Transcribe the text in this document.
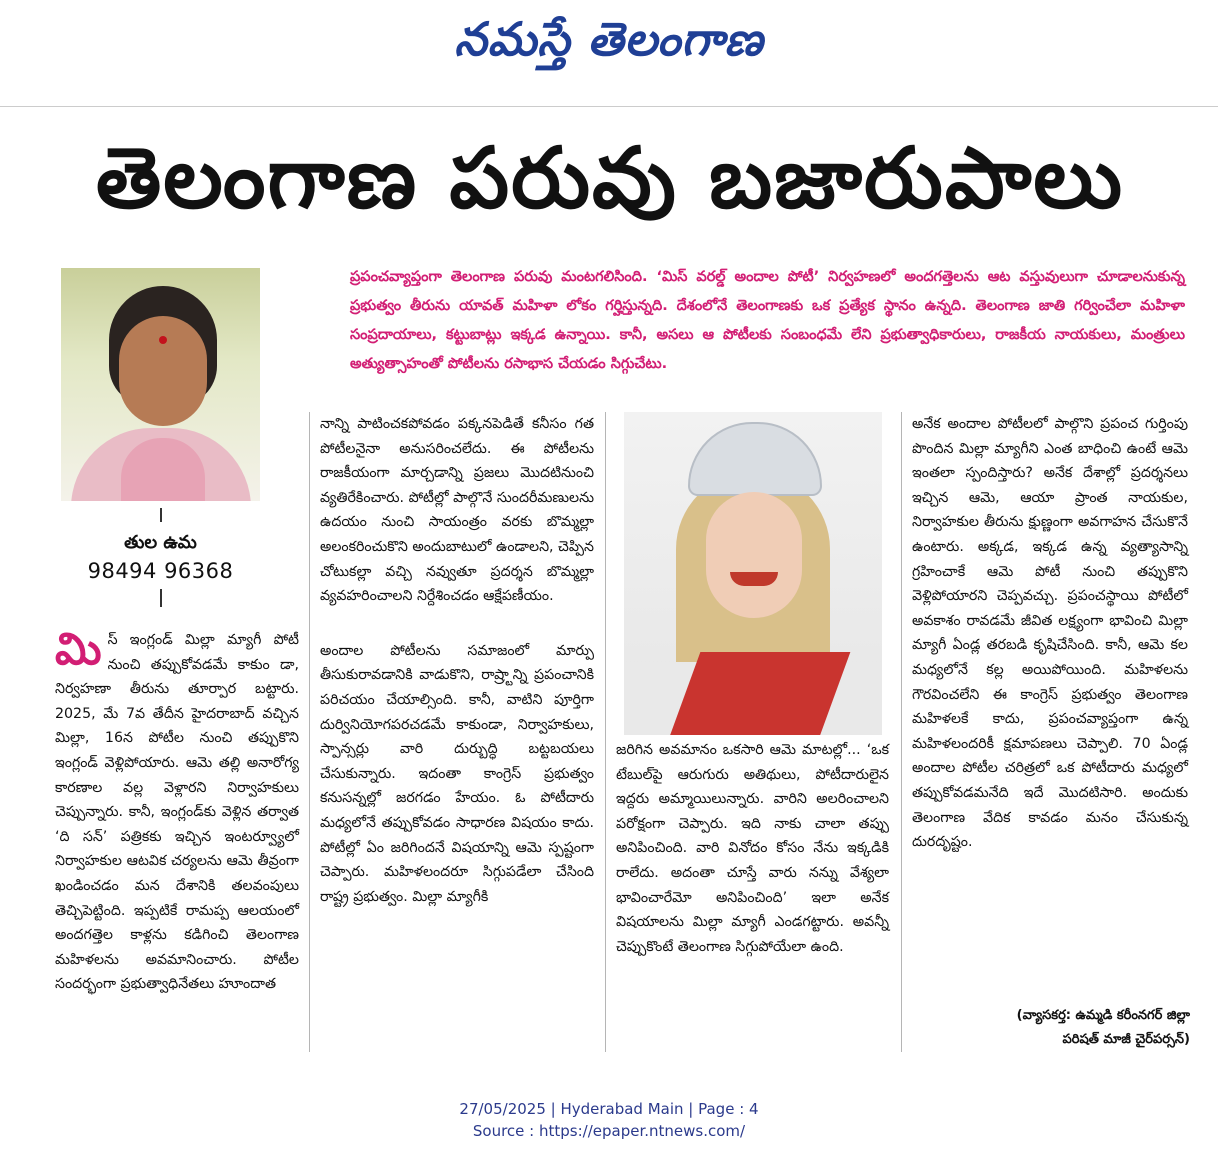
నమస్తే తెలంగాణ
తెలంగాణ పరువు బజారుపాలు
తుల ఉమ
98494 96368
ప్రపంచవ్యాప్తంగా తెలంగాణ పరువు మంటగలిసింది. ‘మిస్ వరల్డ్ అందాల పోటీ’ నిర్వహణలో అందగత్తెలను ఆట వస్తువులుగా చూడాలనుకున్న ప్రభుత్వం తీరును యావత్ మహిళా లోకం గర్హిస్తున్నది. దేశంలోనే తెలంగాణకు ఒక ప్రత్యేక స్థానం ఉన్నది. తెలంగాణ జాతి గర్వించేలా మహిళా సంప్రదాయాలు, కట్టుబాట్లు ఇక్కడ ఉన్నాయి. కానీ, అసలు ఆ పోటీలకు సంబంధమే లేని ప్రభుత్వాధికారులు, రాజకీయ నాయకులు, మంత్రులు అత్యుత్సాహంతో పోటీలను రసాభాస చేయడం సిగ్గుచేటు.
మి స్ ఇంగ్లండ్ మిల్లా మ్యాగీ పోటీ నుంచి తప్పుకోవడమే కాకుం డా, నిర్వహణా తీరును తూర్పార బట్టారు. 2025, మే 7వ తేదీన హైదరాబాద్ వచ్చిన మిల్లా, 16న పోటీల నుంచి తప్పుకొని ఇంగ్లండ్ వెళ్లిపోయారు. ఆమె తల్లి అనారోగ్య కారణాల వల్ల వెళ్లారని నిర్వాహకులు చెప్పున్నారు. కానీ, ఇంగ్లండ్‌కు వెళ్లిన తర్వాత ‘ది సన్’ పత్రికకు ఇచ్చిన ఇంటర్వ్యూలో నిర్వాహకుల ఆటవిక చర్యలను ఆమె తీవ్రంగా ఖండించడం మన దేశానికి తలవంపులు తెచ్చిపెట్టింది. ఇప్పటికే రామప్ప ఆలయంలో అందగత్తెల కాళ్లను కడిగించి తెలంగాణ మహిళలను అవమానించారు. పోటీల సందర్భంగా ప్రభుత్వాధినేతలు హూందాత

నాన్ని పాటించకపోవడం పక్కనపెడితే కనీసం గత పోటీలనైనా అనుసరించలేదు. ఈ పోటీలను రాజకీయంగా మార్చడాన్ని ప్రజలు మొదటినుంచి వ్యతిరేకించారు. పోటీల్లో పాల్గొనే సుందరీమణులను ఉదయం నుంచి సాయంత్రం వరకు బొమ్మల్లా అలంకరించుకొని అందుబాటులో ఉండాలని, చెప్పిన చోటుకల్లా వచ్చి నవ్వుతూ ప్రదర్శన బొమ్మల్లా వ్యవహరించాలని నిర్దేశించడం ఆక్షేపణీయం.

అందాల పోటీలను సమాజంలో మార్పు తీసుకురావడానికి వాడుకొని, రాష్ర్టాన్ని ప్రపంచానికి పరిచయం చేయాల్సింది. కానీ, వాటిని పూర్తిగా దుర్వినియోగపరచడమే కాకుండా, నిర్వాహకులు, స్పాన్సర్లు వారి దుర్బుద్ధి బట్టబయలు చేసుకున్నారు. ఇదంతా కాంగ్రెస్ ప్రభుత్వం కనుసన్నల్లో జరగడం హేయం. ఓ పోటీదారు మధ్యలోనే తప్పుకోవడం సాధారణ విషయం కాదు. పోటీల్లో ఏం జరిగిందనే విషయాన్ని ఆమె స్పష్టంగా చెప్పారు. మహిళలందరూ సిగ్గుపడేలా చేసింది రాష్ట్ర ప్రభుత్వం. మిల్లా మ్యాగీకి

జరిగిన అవమానం ఒకసారి ఆమె మాటల్లో... ‘ఒక టేబుల్‌పై ఆరుగురు అతిథులు, పోటీదారులైన ఇద్దరు అమ్మాయిలున్నారు. వారిని అలరించాలని పరోక్షంగా చెప్పారు. ఇది నాకు చాలా తప్పు అనిపించింది. వారి వినోదం కోసం నేను ఇక్కడికి రాలేదు. అదంతా చూస్తే వారు నన్ను వేశ్యలా భావించారేమో అనిపించింది’ ఇలా అనేక విషయాలను మిల్లా మ్యాగీ ఎండగట్టారు. అవన్నీ చెప్పుకొంటే తెలంగాణ సిగ్గుపోయేలా ఉంది.
అనేక అందాల పోటీలలో పాల్గొని ప్రపంచ గుర్తింపు పొందిన మిల్లా మ్యాగీని ఎంత బాధించి ఉంటే ఆమె ఇంతలా స్పందిస్తారు? అనేక దేశాల్లో ప్రదర్శనలు ఇచ్చిన ఆమె, ఆయా ప్రాంత నాయకుల, నిర్వాహకుల తీరును క్షుణ్ణంగా అవగాహన చేసుకొనే ఉంటారు. అక్కడ, ఇక్కడ ఉన్న వ్యత్యాసాన్ని గ్రహించాకే ఆమె పోటీ నుంచి తప్పుకొని వెళ్లిపోయారని చెప్పవచ్చు. ప్రపంచస్థాయి పోటీలో అవకాశం రావడమే జీవిత లక్ష్యంగా భావించి మిల్లా మ్యాగీ ఏండ్ల తరబడి కృషిచేసింది. కానీ, ఆమె కల మధ్యలోనే కల్ల అయిపోయింది. మహిళలను గౌరవించలేని ఈ కాంగ్రెస్ ప్రభుత్వం తెలంగాణ మహిళలకే కాదు, ప్రపంచవ్యాప్తంగా ఉన్న మహిళలందరికీ క్షమాపణలు చెప్పాలి. 70 ఏండ్ల అందాల పోటీల చరిత్రలో ఒక పోటీదారు మధ్యలో తప్పుకోవడమనేది ఇదే మొదటిసారి. అందుకు తెలంగాణ వేదిక కావడం మనం చేసుకున్న దురదృష్టం.
(వ్యాసకర్త: ఉమ్మడి కరీంనగర్ జిల్లా
పరిషత్ మాజీ చైర్‌పర్సన్)
27/05/2025 | Hyderabad Main | Page : 4
Source : https://epaper.ntnews.com/
